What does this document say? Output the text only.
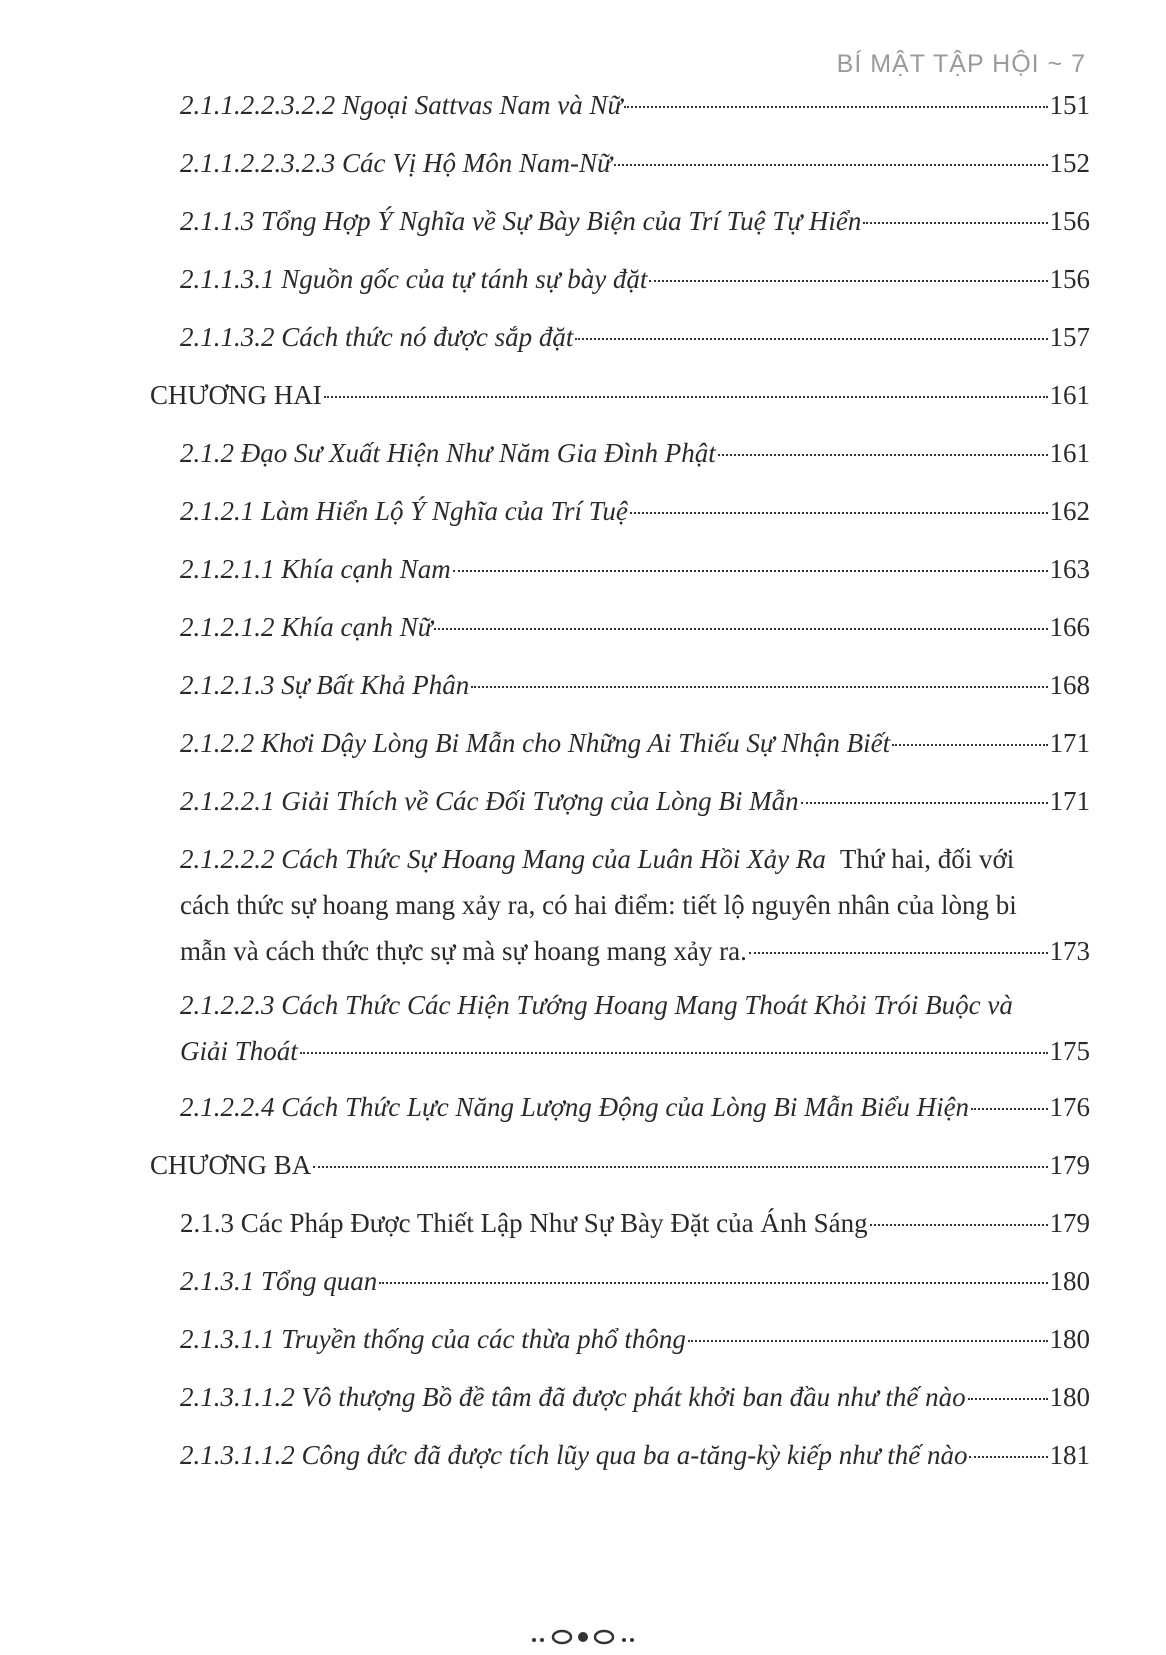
BÍ MẬT TẬP HỘI ~ 7
2.1.1.2.2.3.2.2 Ngoại Sattvas Nam và Nữ	151
2.1.1.2.2.3.2.3 Các Vị Hộ Môn Nam-Nữ	152
2.1.1.3 Tổng Hợp Ý Nghĩa về Sự Bày Biện của Trí Tuệ Tự Hiển	156
2.1.1.3.1 Nguồn gốc của tự tánh sự bày đặt	156
2.1.1.3.2 Cách thức nó được sắp đặt	157
CHƯƠNG HAI	161
2.1.2 Đạo Sư Xuất Hiện Như Năm Gia Đình Phật	161
2.1.2.1 Làm Hiển Lộ Ý Nghĩa của Trí Tuệ	162
2.1.2.1.1 Khía cạnh Nam	163
2.1.2.1.2 Khía cạnh Nữ	166
2.1.2.1.3 Sự Bất Khả Phân	168
2.1.2.2 Khơi Dậy Lòng Bi Mẫn cho Những Ai Thiếu Sự Nhận Biết	171
2.1.2.2.1 Giải Thích về Các Đối Tượng của Lòng Bi Mẫn	171
2.1.2.2.2 Cách Thức Sự Hoang Mang của Luân Hồi Xảy Ra Thứ hai, đối với
cách thức sự hoang mang xảy ra, có hai điểm: tiết lộ nguyên nhân của lòng bi
mẫn và cách thức thực sự mà sự hoang mang xảy ra.	173
2.1.2.2.3 Cách Thức Các Hiện Tướng Hoang Mang Thoát Khỏi Trói Buộc và
Giải Thoát	175
2.1.2.2.4 Cách Thức Lực Năng Lượng Động của Lòng Bi Mẫn Biểu Hiện	176
CHƯƠNG BA	179
2.1.3 Các Pháp Được Thiết Lập Như Sự Bày Đặt của Ánh Sáng	179
2.1.3.1 Tổng quan	180
2.1.3.1.1 Truyền thống của các thừa phổ thông	180
2.1.3.1.1.2 Vô thượng Bồ đề tâm đã được phát khởi ban đầu như thế nào	180
2.1.3.1.1.2 Công đức đã được tích lũy qua ba a-tăng-kỳ kiếp như thế nào	181
